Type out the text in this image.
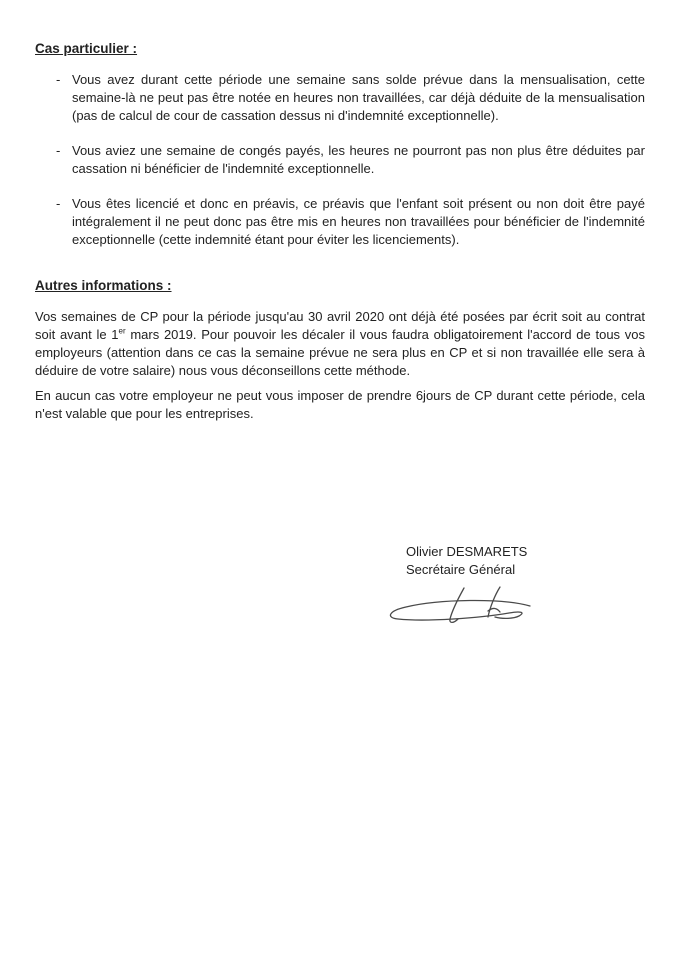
Cas particulier :
- Vous avez durant cette période une semaine sans solde prévue dans la mensualisation, cette semaine-là ne peut pas être notée en heures non travaillées, car déjà déduite de la mensualisation (pas de calcul de cour de cassation dessus ni d'indemnité exceptionnelle).
- Vous aviez une semaine de congés payés, les heures ne pourront pas non plus être déduites par cassation ni bénéficier de l'indemnité exceptionnelle.
- Vous êtes licencié et donc en préavis, ce préavis que l'enfant soit présent ou non doit être payé intégralement il ne peut donc pas être mis en heures non travaillées pour bénéficier de l'indemnité exceptionnelle (cette indemnité étant pour éviter les licenciements).
Autres informations :

Vos semaines de CP pour la période jusqu'au 30 avril 2020 ont déjà été posées par écrit soit au contrat soit avant le 1er mars 2019. Pour pouvoir les décaler il vous faudra obligatoirement l'accord de tous vos employeurs (attention dans ce cas la semaine prévue ne sera plus en CP et si non travaillée elle sera à déduire de votre salaire) nous vous déconseillons cette méthode.

En aucun cas votre employeur ne peut vous imposer de prendre 6jours de CP durant cette période, cela n'est valable que pour les entreprises.

Olivier DESMARETS
Secrétaire Général
